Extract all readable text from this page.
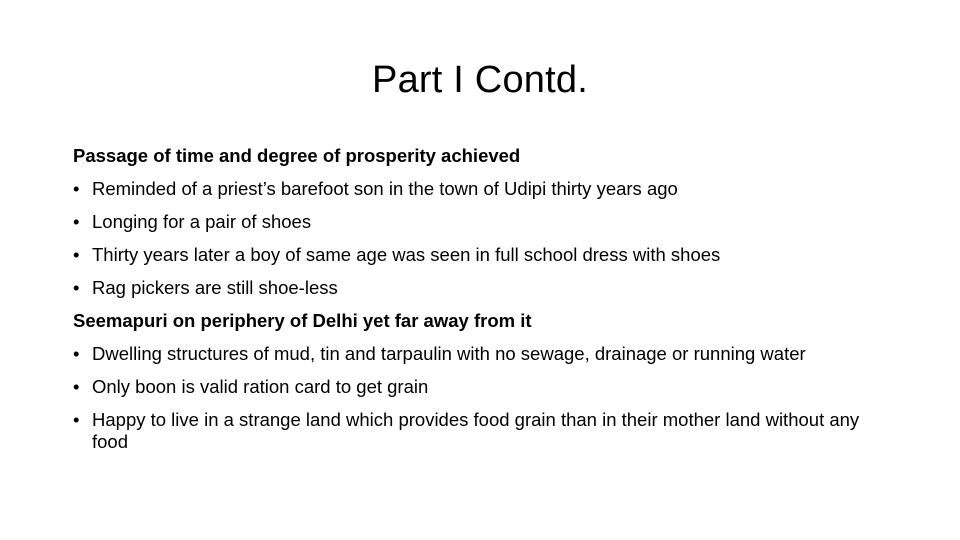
Part I Contd.
Passage of time and degree of prosperity achieved
• Reminded of a priest’s barefoot son in the town of Udipi thirty years ago
• Longing for a pair of shoes
• Thirty years later a boy of same age was seen in full school dress with shoes
• Rag pickers are still shoe-less
Seemapuri on periphery of Delhi yet far away from it
• Dwelling structures of mud, tin and tarpaulin with no sewage, drainage or running water
• Only boon is valid ration card to get grain
• Happy to live in a strange land which provides food grain than in their mother land without any food
